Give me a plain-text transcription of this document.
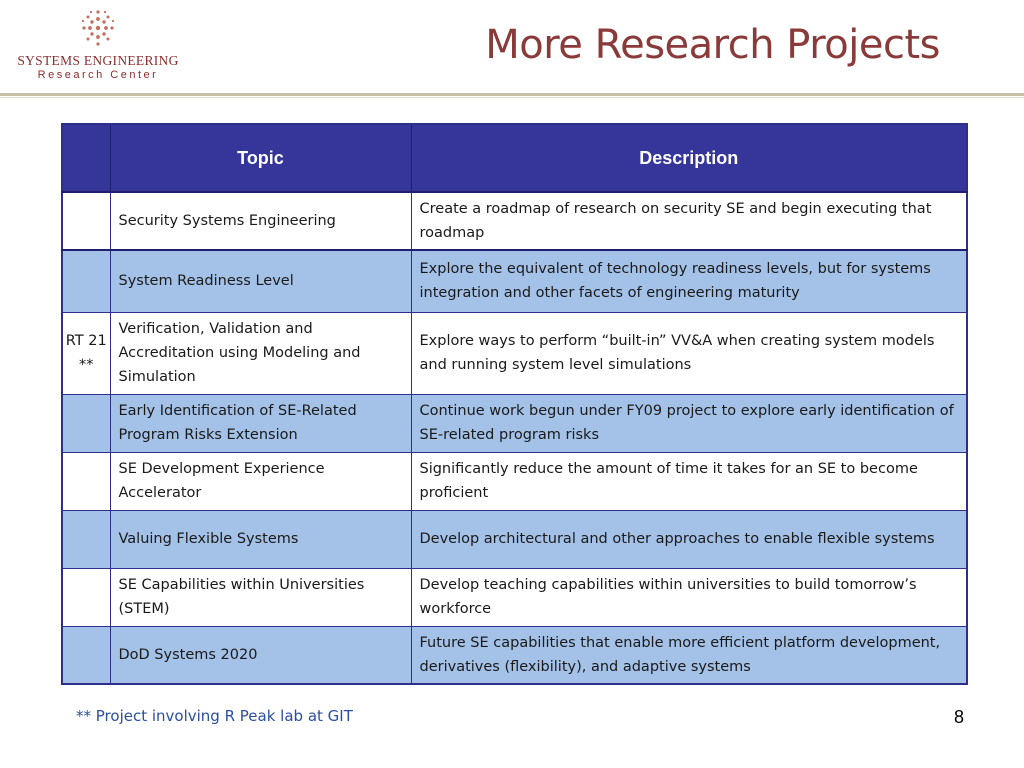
SYSTEMS ENGINEERING
Research Center
More Research Projects
	Topic	Description
	Security Systems Engineering	Create a roadmap of research on security SE and begin executing that roadmap
	System Readiness Level	Explore the equivalent of technology readiness levels, but for systems integration and other facets of engineering maturity
RT 21 **	Verification, Validation and Accreditation using Modeling and Simulation	Explore ways to perform “built-in” VV&A when creating system models and running system level simulations
	Early Identification of SE-Related Program Risks Extension	Continue work begun under FY09 project to explore early identification of SE-related program risks
	SE Development Experience Accelerator	Significantly reduce the amount of time it takes for an SE to become proficient
	Valuing Flexible Systems	Develop architectural and other approaches to enable flexible systems
	SE Capabilities within Universities (STEM)	Develop teaching capabilities within universities to build tomorrow’s workforce
	DoD Systems 2020	Future SE capabilities that enable more efficient platform development, derivatives (flexibility), and adaptive systems
** Project involving R Peak lab at GIT	8
